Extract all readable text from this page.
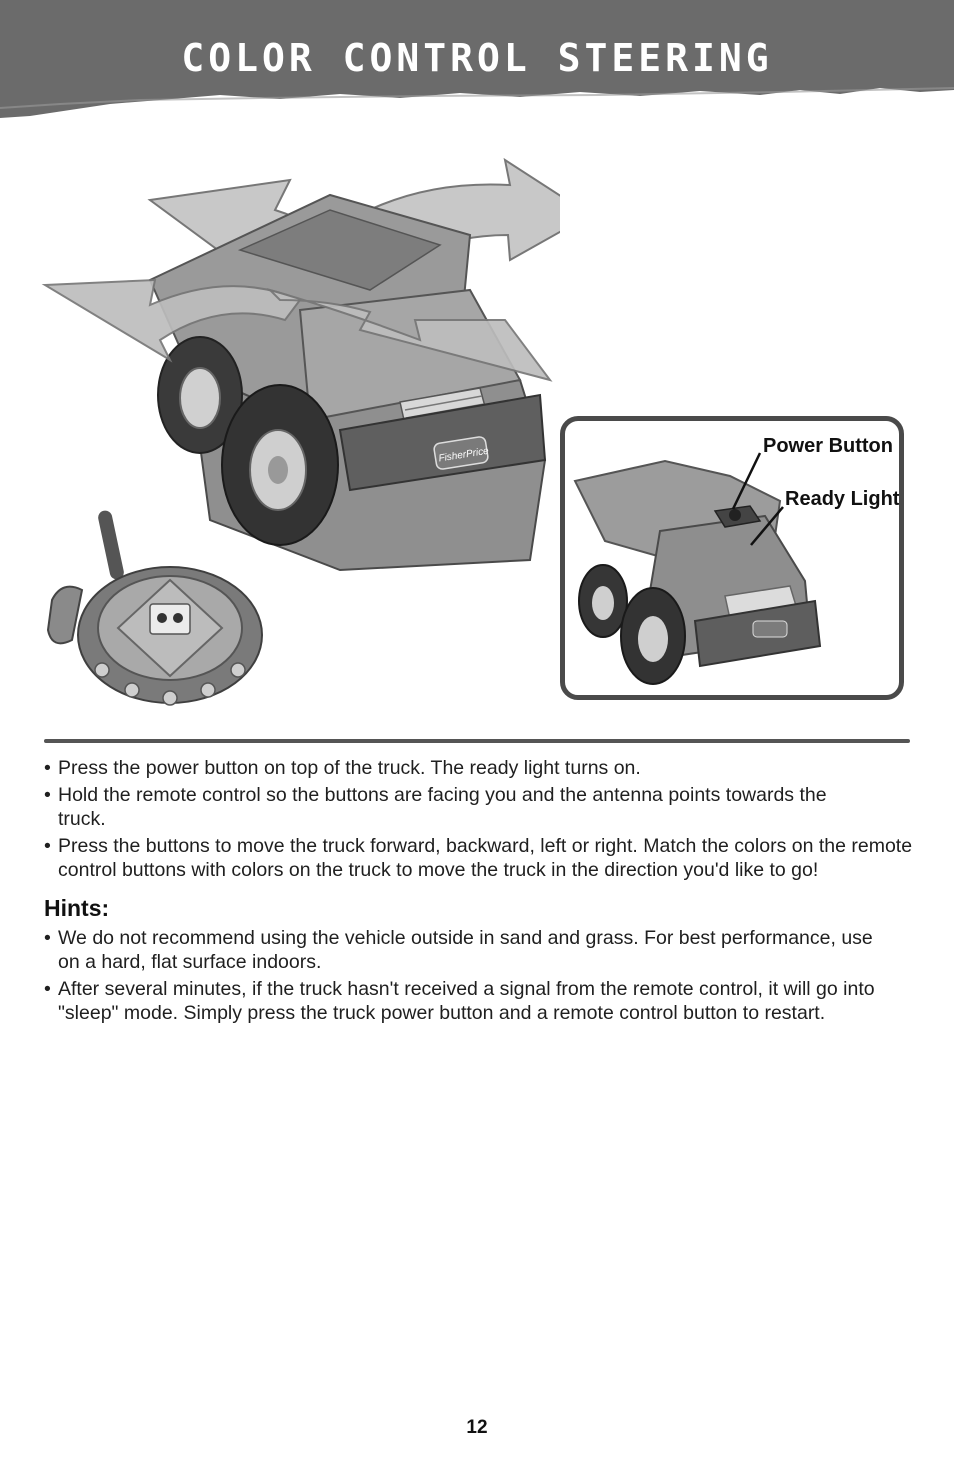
COLOR CONTROL STEERING
FisherPrice	Power Button
Ready Light
• Press the power button on top of the truck. The ready light turns on.
• Hold the remote control so the buttons are facing you and the antenna points towards the truck.
• Press the buttons to move the truck forward, backward, left or right. Match the colors on the remote control buttons with colors on the truck to move the truck in the direction you'd like to go!
Hints:
• We do not recommend using the vehicle outside in sand and grass. For best performance, use on a hard, flat surface indoors.
• After several minutes, if the truck hasn't received a signal from the remote control, it will go into "sleep" mode. Simply press the truck power button and a remote control button to restart.
12
